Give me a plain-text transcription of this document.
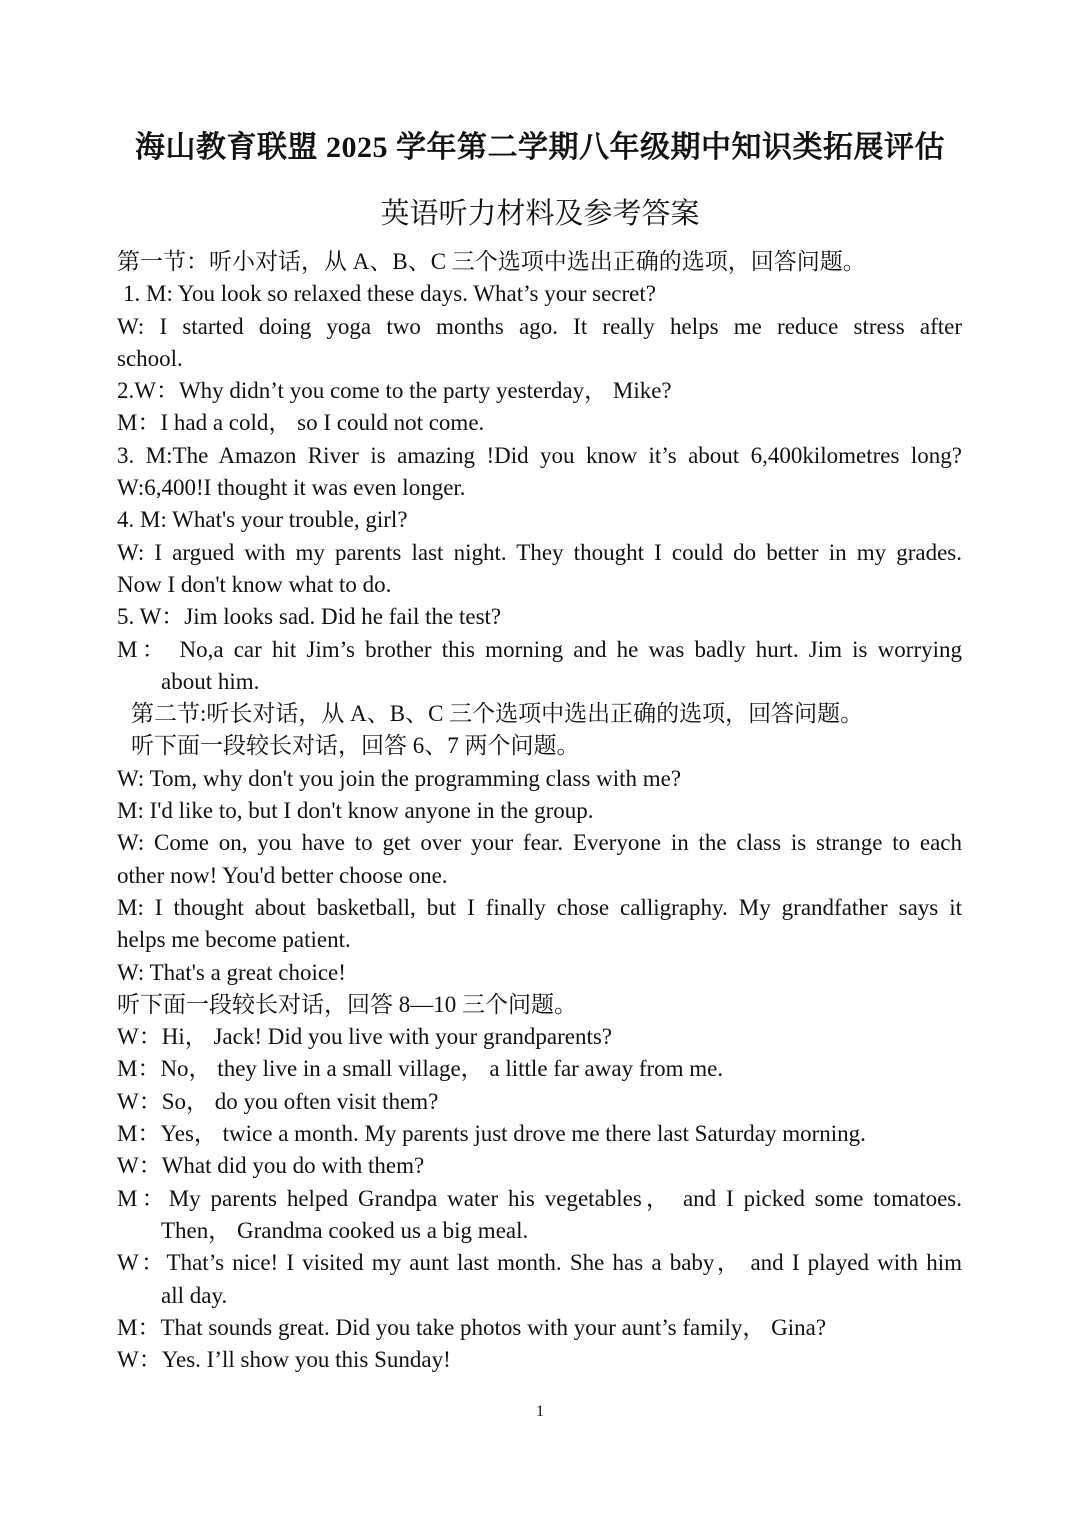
海山教育联盟 2025 学年第二学期八年级期中知识类拓展评估
英语听力材料及参考答案
第一节：听小对话，从 A、B、C 三个选项中选出正确的选项，回答问题。
1. M: You look so relaxed these days. What’s your secret?
W: I started doing yoga two months ago. It really helps me reduce stress after
school.
2.W：Why didn’t you come to the party yesterday， Mike?
M：I had a cold， so I could not come.
3. M:The Amazon River is amazing !Did you know it’s about 6,400kilometres long?
W:6,400!I thought it was even longer.
4. M: What's your trouble, girl?
W: I argued with my parents last night. They thought I could do better in my grades.
Now I don't know what to do.
5. W：Jim looks sad. Did he fail the test?
M： No,a car hit Jim’s brother this morning and he was badly hurt. Jim is worrying
about him.
第二节:听长对话，从 A、B、C 三个选项中选出正确的选项，回答问题。
听下面一段较长对话，回答 6、7 两个问题。
W: Tom, why don't you join the programming class with me?
M: I'd like to, but I don't know anyone in the group.
W: Come on, you have to get over your fear. Everyone in the class is strange to each
other now! You'd better choose one.
M: I thought about basketball, but I finally chose calligraphy. My grandfather says it
helps me become patient.
W: That's a great choice!
听下面一段较长对话，回答 8—10 三个问题。
W：Hi， Jack! Did you live with your grandparents?
M：No， they live in a small village， a little far away from me.
W：So， do you often visit them?
M：Yes， twice a month. My parents just drove me there last Saturday morning.
W：What did you do with them?
M：My parents helped Grandpa water his vegetables， and I picked some tomatoes.
Then， Grandma cooked us a big meal.
W：That’s nice! I visited my aunt last month. She has a baby， and I played with him
all day.
M：That sounds great. Did you take photos with your aunt’s family， Gina?
W：Yes. I’ll show you this Sunday!
1
